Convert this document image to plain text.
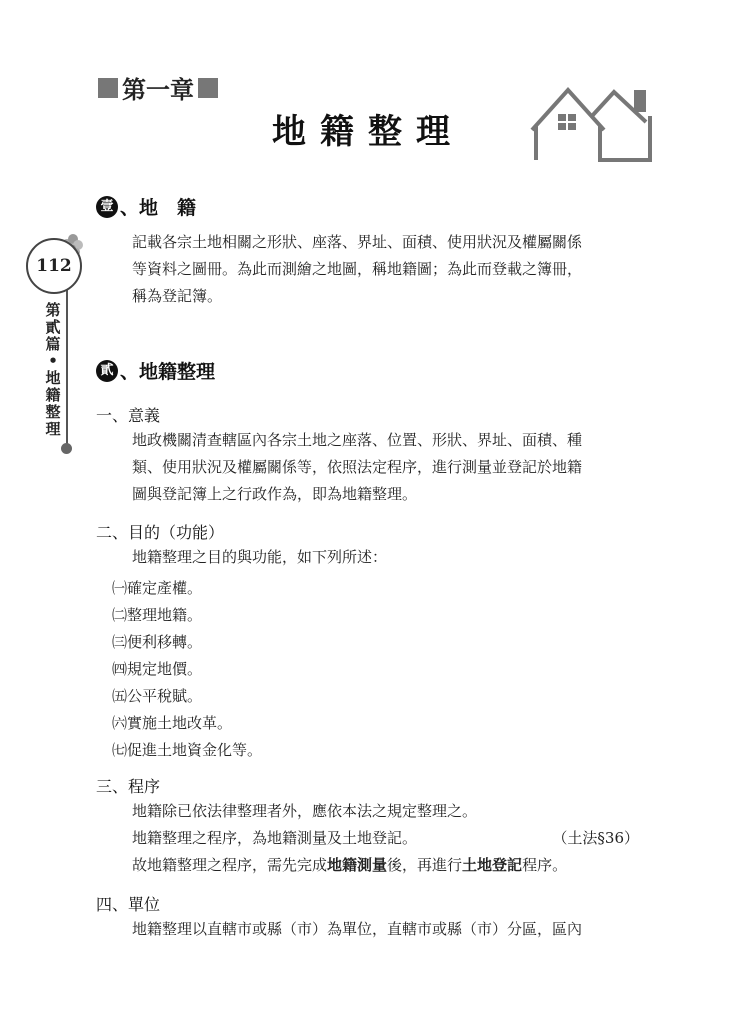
第一章
地籍整理
112
第貳篇•地籍整理
壹 、地　籍
記載各宗土地相關之形狀、座落、界址、面積、使用狀況及權屬關係
等資料之圖冊。為此而測繪之地圖，稱地籍圖；為此而登載之簿冊，
稱為登記簿。
貳 、地籍整理
一、意義
地政機關清查轄區內各宗土地之座落、位置、形狀、界址、面積、種
類、使用狀況及權屬關係等，依照法定程序，進行測量並登記於地籍
圖與登記簿上之行政作為，即為地籍整理。
二、目的（功能）
地籍整理之目的與功能，如下列所述：
㈠確定產權。
㈡整理地籍。
㈢便利移轉。
㈣規定地價。
㈤公平稅賦。
㈥實施土地改革。
㈦促進土地資金化等。
三、程序
地籍除已依法律整理者外，應依本法之規定整理之。
地籍整理之程序，為地籍測量及土地登記。	（土法§36）
故地籍整理之程序，需先完成地籍測量後，再進行土地登記程序。
四、單位
地籍整理以直轄市或縣（市）為單位，直轄市或縣（市）分區，區內
